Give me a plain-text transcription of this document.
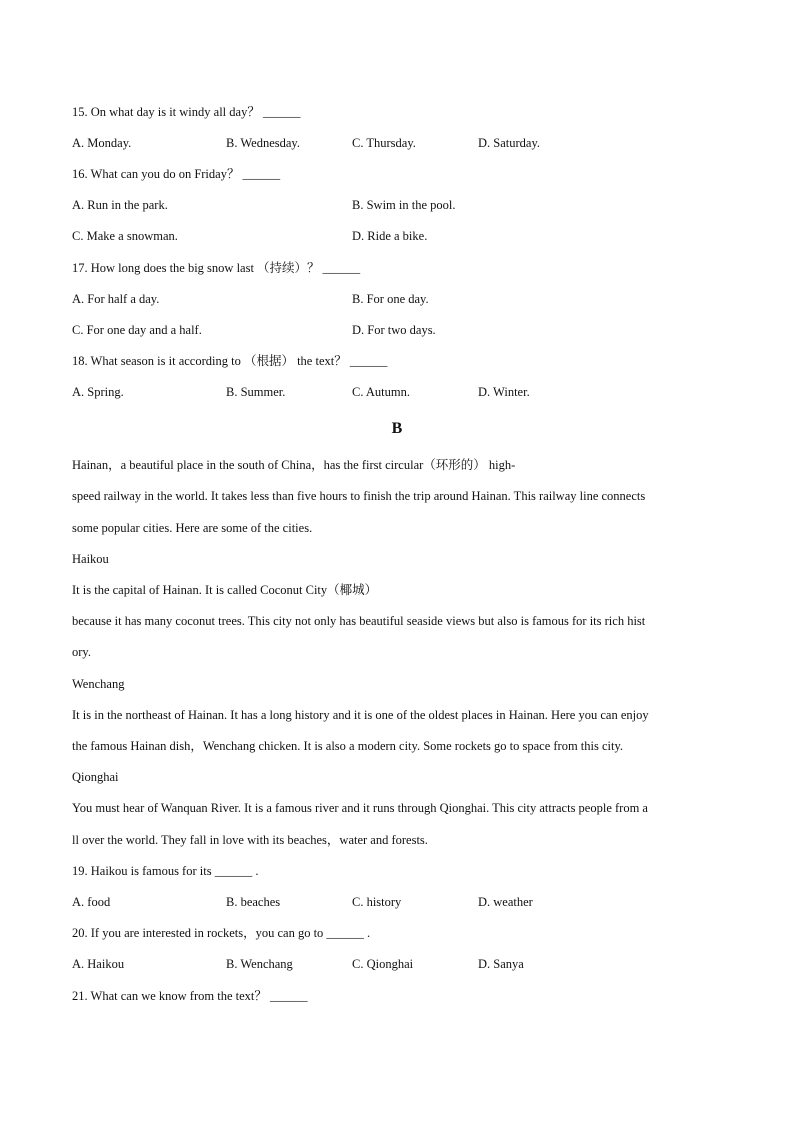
15. On what day is it windy all day？ ______
A. Monday.	B. Wednesday.	C. Thursday.	D. Saturday.
16. What can you do on Friday？ ______
A. Run in the park.	B. Swim in the pool.
C. Make a snowman.	D. Ride a bike.
17. How long does the big snow last （持续）？ ______
A. For half a day.	B. For one day.
C. For one day and a half.	D. For two days.
18. What season is it according to （根据） the text？ ______
A. Spring.	B. Summer.	C. Autumn.	D. Winter.
B
Hainan，a beautiful place in the south of China，has the first circular（环形的） high-
speed railway in the world. It takes less than five hours to finish the trip around Hainan. This railway line connects
some popular cities. Here are some of the cities.
Haikou
It is the capital of Hainan. It is called Coconut City（椰城）
because it has many coconut trees. This city not only has beautiful seaside views but also is famous for its rich hist
ory.
Wenchang
It is in the northeast of Hainan. It has a long history and it is one of the oldest places in Hainan. Here you can enjoy
the famous Hainan dish，Wenchang chicken. It is also a modern city. Some rockets go to space from this city.
Qionghai
You must hear of Wanquan River. It is a famous river and it runs through Qionghai. This city attracts people from a
ll over the world. They fall in love with its beaches，water and forests.
19. Haikou is famous for its ______ .
A. food	B. beaches	C. history	D. weather
20. If you are interested in rockets，you can go to ______ .
A. Haikou	B. Wenchang	C. Qionghai	D. Sanya
21. What can we know from the text？ ______
